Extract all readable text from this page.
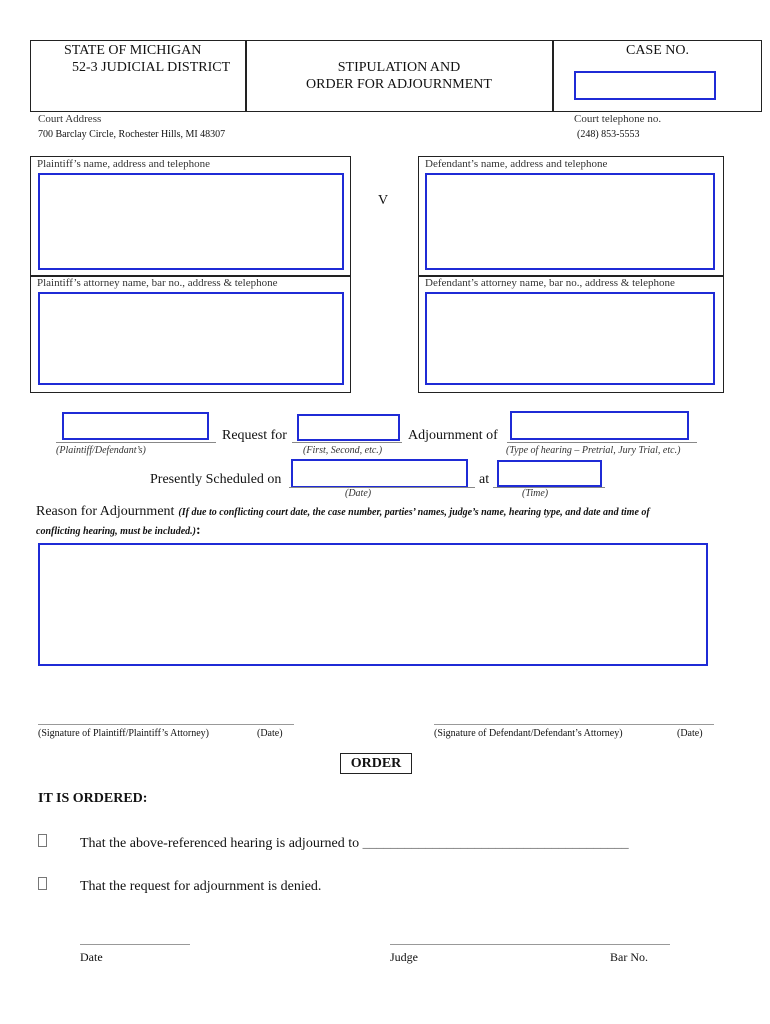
STATE OF MICHIGAN
52-3 JUDICIAL DISTRICT	STIPULATION AND
ORDER FOR ADJOURNMENT
CASE NO.
Court Address
700 Barclay Circle, Rochester Hills, MI 48307
Court telephone no.
(248) 853-5553
Plaintiff’s name, address and telephone
Plaintiff’s attorney name, bar no., address & telephone
V
Defendant’s name, address and telephone
Defendant’s attorney name, bar no., address & telephone
(Plaintiff/Defendant’s)
Request for
(First, Second, etc.)
Adjournment of
(Type of hearing – Pretrial, Jury Trial, etc.)
Presently Scheduled on
(Date)
at
(Time)
Reason for Adjournment (If due to conflicting court date, the case number, parties’ names, judge’s name, hearing type, and date and time of
conflicting hearing, must be included.):
(Signature of Plaintiff/Plaintiff’s Attorney)	(Date)	(Signature of Defendant/Defendant’s Attorney)	(Date)
ORDER
IT IS ORDERED:
That the above-referenced hearing is adjourned to ______________________________________
That the request for adjournment is denied.
Date	Judge	Bar No.
